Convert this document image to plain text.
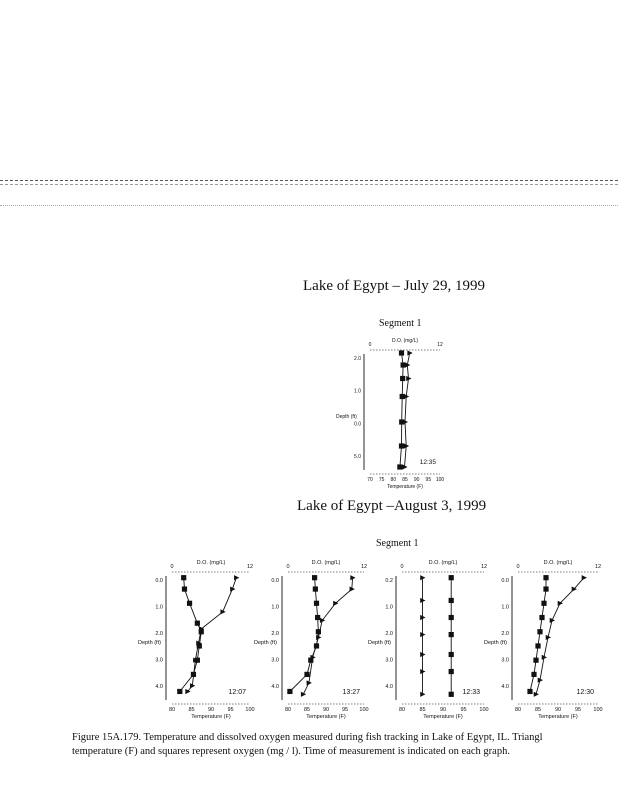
Lake of Egypt – July 29, 1999
Segment 1
Lake of Egypt –August 3, 1999
Segment 1
0	12
D.O. (mg/L)
70 75 80 85 90 95 100
Temperature (F)
2.0
1.0
0.0
5.0
Depth (ft)
12:35
0	12
D.O. (mg/L)
80 85 90 95 100
Temperature (F)
0.0
1.0
2.0
3.0
4.0
Depth (ft)
12:07
0	12
D.O. (mg/L)
80 85 90 95 100
Temperature (F)
0.0
1.0
2.0
3.0
4.0
Depth (ft)
13:27
0	12
D.O. (mg/L)
80	85	90	95 100
Temperature (F)
0.2
1.0
2.0
3.0
4.0
Depth (ft)
12:33
0	12
D.O. (mg/L)
80	85	90	95 100
Temperature (F)
0.0
1.0
2.0
3.0
4.0
Depth (ft)
12:30
Figure 15A.179. Temperature and dissolved oxygen measured during fish tracking in Lake of Egypt, IL. Triangl
temperature (F) and squares represent oxygen (mg / l). Time of measurement is indicated on each graph.
